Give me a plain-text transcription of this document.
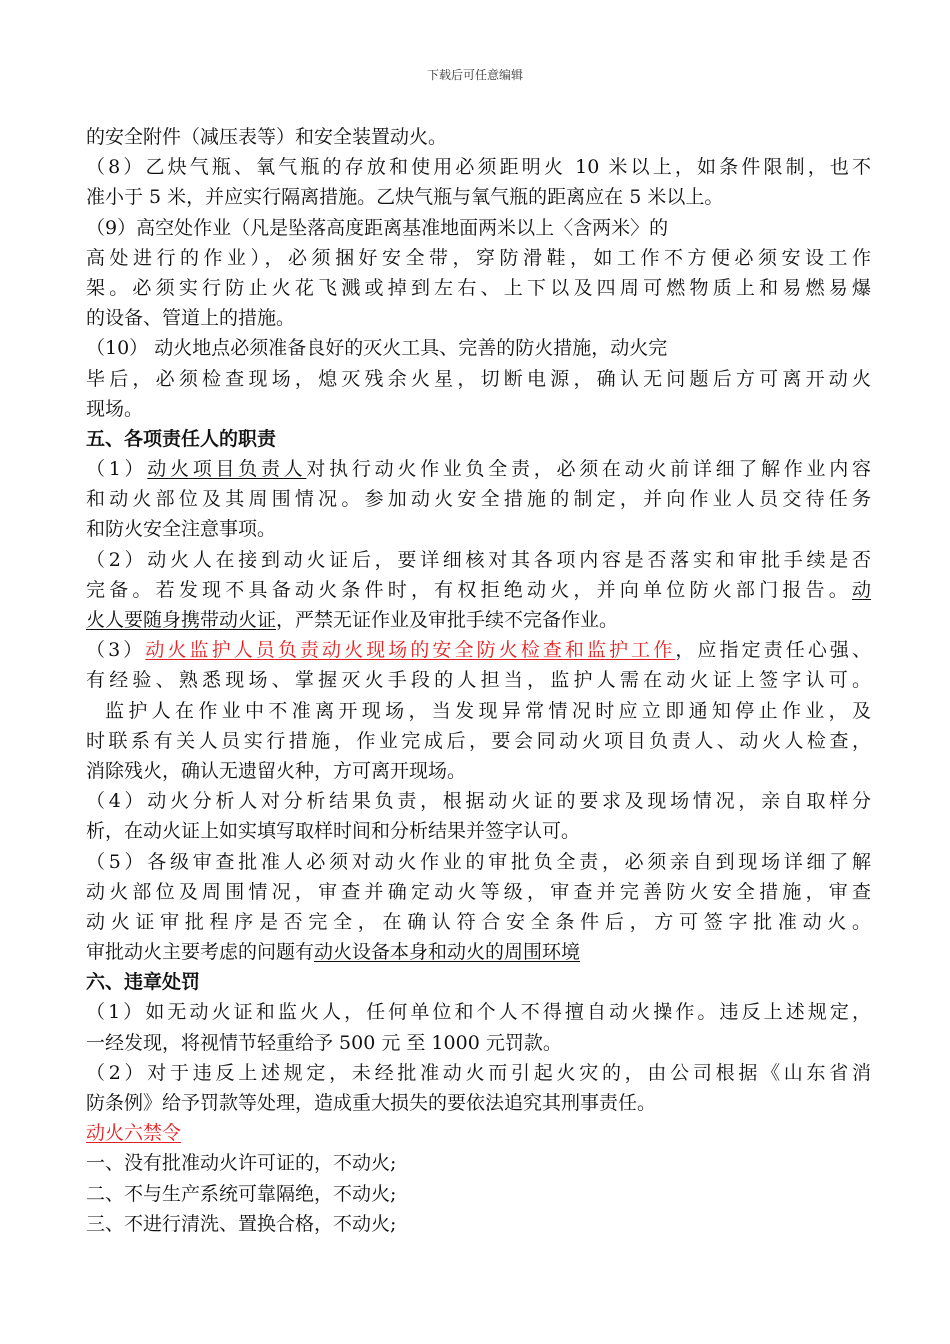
下载后可任意编辑
的安全附件（减压表等）和安全装置动火。
（8）乙炔气瓶、氧气瓶的存放和使用必须距明火 10 米以上，如条件限制，也不
准小于 5 米，并应实行隔离措施。乙炔气瓶与氧气瓶的距离应在 5 米以上。
（9）高空处作业（凡是坠落高度距离基准地面两米以上〈含两米〉的
高处进行的作业），必须捆好安全带，穿防滑鞋，如工作不方便必须安设工作
架。必须实行防止火花飞溅或掉到左右、上下以及四周可燃物质上和易燃易爆
的设备、管道上的措施。
（10） 动火地点必须准备良好的灭火工具、完善的防火措施，动火完
毕后，必须检查现场，熄灭残余火星，切断电源，确认无问题后方可离开动火
现场。
五、各项责任人的职责
（1）动火项目负责人对执行动火作业负全责，必须在动火前详细了解作业内容
和动火部位及其周围情况。参加动火安全措施的制定，并向作业人员交待任务
和防火安全注意事项。
（2）动火人在接到动火证后，要详细核对其各项内容是否落实和审批手续是否
完备。若发现不具备动火条件时，有权拒绝动火，并向单位防火部门报告。动
火人要随身携带动火证，严禁无证作业及审批手续不完备作业。
（3）动火监护人员负责动火现场的安全防火检查和监护工作，应指定责任心强、
有经验、熟悉现场、掌握灭火手段的人担当，监护人需在动火证上签字认可。
监护人在作业中不准离开现场，当发现异常情况时应立即通知停止作业，及
时联系有关人员实行措施，作业完成后，要会同动火项目负责人、动火人检查，
消除残火，确认无遗留火种，方可离开现场。
（4）动火分析人对分析结果负责，根据动火证的要求及现场情况，亲自取样分
析，在动火证上如实填写取样时间和分析结果并签字认可。
（5）各级审查批准人必须对动火作业的审批负全责，必须亲自到现场详细了解
动火部位及周围情况，审查并确定动火等级，审查并完善防火安全措施，审查
动火证审批程序是否完全，在确认符合安全条件后，方可签字批准动火。
审批动火主要考虑的问题有动火设备本身和动火的周围环境
六、违章处罚
（1）如无动火证和监火人，任何单位和个人不得擅自动火操作。违反上述规定，
一经发现，将视情节轻重给予 500 元 至 1000 元罚款。
（2）对于违反上述规定，未经批准动火而引起火灾的，由公司根据《山东省消
防条例》给予罚款等处理，造成重大损失的要依法追究其刑事责任。
动火六禁令
一、没有批准动火许可证的，不动火;
二、不与生产系统可靠隔绝，不动火;
三、不进行清洗、置换合格，不动火;
